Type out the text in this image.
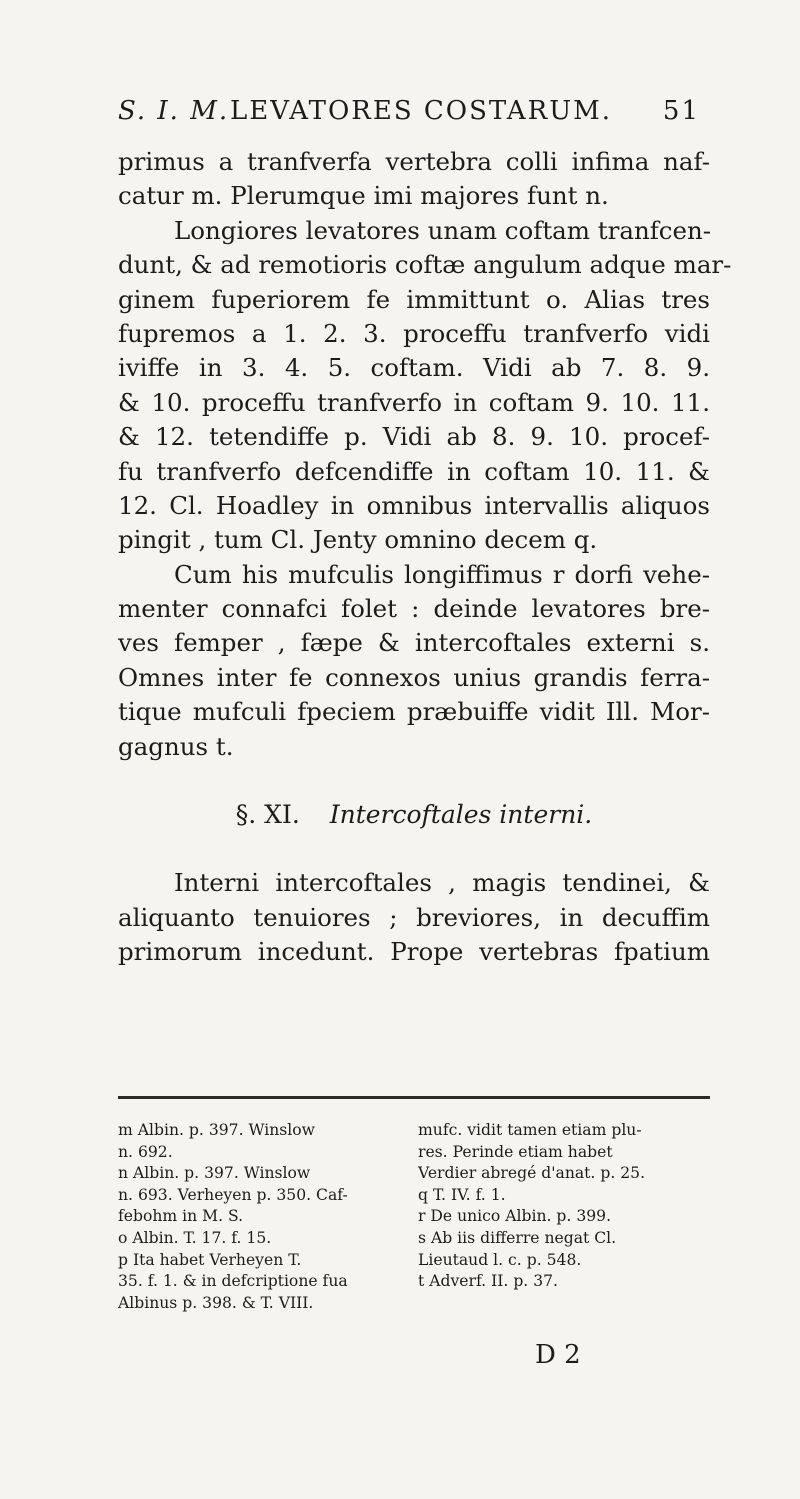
S. I. M. LEVATORES COSTARUM. 51
primus a tranfverfa vertebra colli infima naf-
catur m. Plerumque imi majores funt n.
Longiores levatores unam coftam tranfcen-
dunt, & ad remotioris coftæ angulum adque mar-
ginem fuperiorem fe immittunt o. Alias tres
fupremos a 1. 2. 3. proceffu tranfverfo vidi
iviffe in 3. 4. 5. coftam. Vidi ab 7. 8. 9.
& 10. proceffu tranfverfo in coftam 9. 10. 11.
& 12. tetendiffe p. Vidi ab 8. 9. 10. procef-
fu tranfverfo defcendiffe in coftam 10. 11. &
12. Cl. Hoadley in omnibus intervallis aliquos
pingit , tum Cl. Jenty omnino decem q.
Cum his mufculis longiffimus r dorfi vehe-
menter connafci folet : deinde levatores bre-
ves femper , fæpe & intercoftales externi s.
Omnes inter fe connexos unius grandis ferra-
tique mufculi fpeciem præbuiffe vidit Ill. Mor-
gagnus t.
§. XI. Intercoftales interni.
Interni intercoftales , magis tendinei, &
aliquanto tenuiores ; breviores, in decuffim
primorum incedunt. Prope vertebras fpatium
m Albin. p. 397. Winslow
n. 692.
n Albin. p. 397. Winslow
n. 693. Verheyen p. 350. Caf-
febohm in M. S.
o Albin. T. 17. f. 15.
p Ita habet Verheyen T.
35. f. 1. & in defcriptione fua
Albinus p. 398. & T. VIII.
mufc. vidit tamen etiam plu-
res. Perinde etiam habet
Verdier abregé d'anat. p. 25.
q T. IV. f. 1.
r De unico Albin. p. 399.
s Ab iis differre negat Cl.
Lieutaud l. c. p. 548.
t Adverf. II. p. 37.
D 2
